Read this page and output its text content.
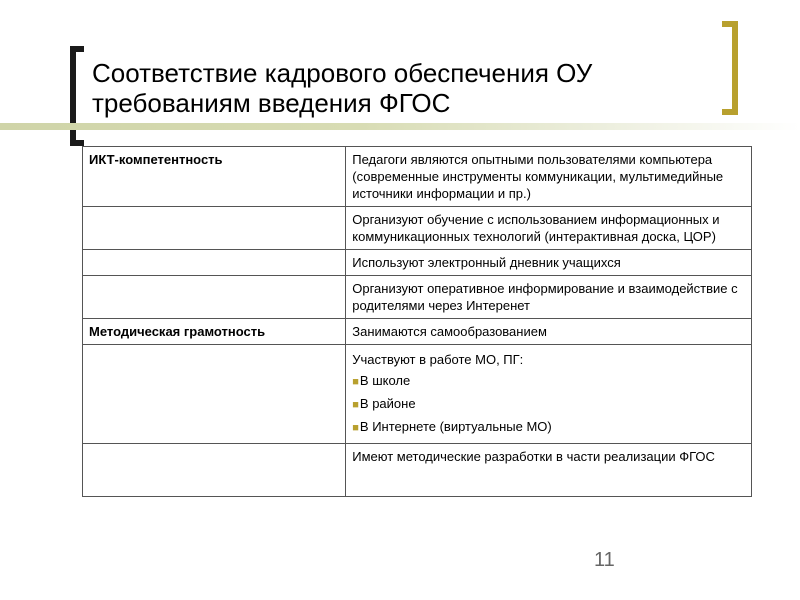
Соответствие кадрового обеспечения ОУ требованиям введения ФГОС
ИКТ-компетентность	Педагоги являются опытными пользователями компьютера (современные инструменты коммуникации, мультимедийные источники информации и пр.)
	Организуют обучение с использованием информационных и коммуникационных технологий (интерактивная доска, ЦОР)
	Используют электронный дневник учащихся
	Организуют оперативное информирование и взаимодействие с родителями через Интеренет
Методическая грамотность	Занимаются самообразованием

	Участвуют в работе МО, ПГ:
■В школе
■В районе
■В Интернете (виртуальные МО)

	Имеют методические разработки в части реализации ФГОС
11
